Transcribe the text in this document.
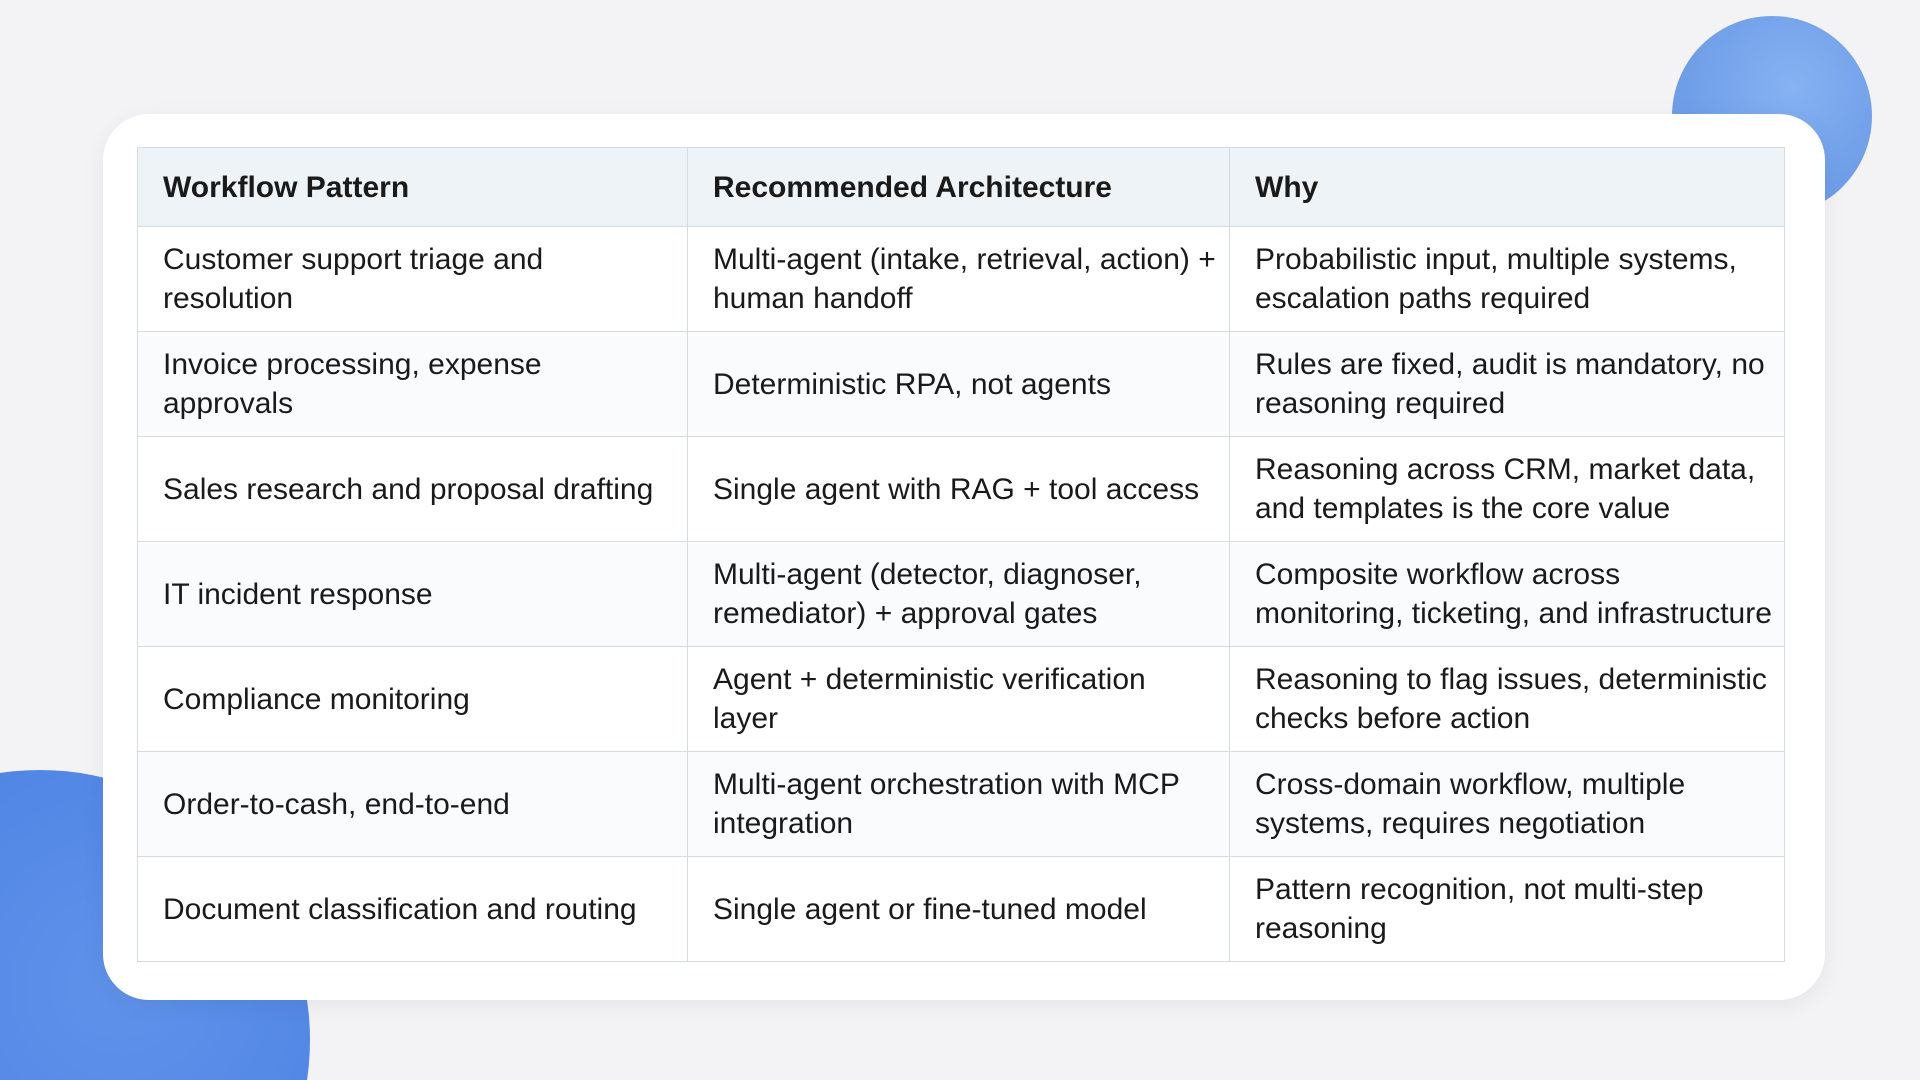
Workflow Pattern	Recommended Architecture	Why
Customer support triage and resolution	Multi-agent (intake, retrieval, action) + human handoff	Probabilistic input, multiple systems, escalation paths required
Invoice processing, expense approvals	Deterministic RPA, not agents	Rules are fixed, audit is mandatory, no reasoning required
Sales research and proposal drafting	Single agent with RAG + tool access	Reasoning across CRM, market data, and templates is the core value
IT incident response	Multi-agent (detector, diagnoser, remediator) + approval gates	Composite workflow across monitoring, ticketing, and infrastructure
Compliance monitoring	Agent + deterministic verification layer	Reasoning to flag issues, deterministic checks before action
Order-to-cash, end-to-end	Multi-agent orchestration with MCP integration	Cross-domain workflow, multiple systems, requires negotiation
Document classification and routing	Single agent or fine-tuned model	Pattern recognition, not multi-step reasoning
